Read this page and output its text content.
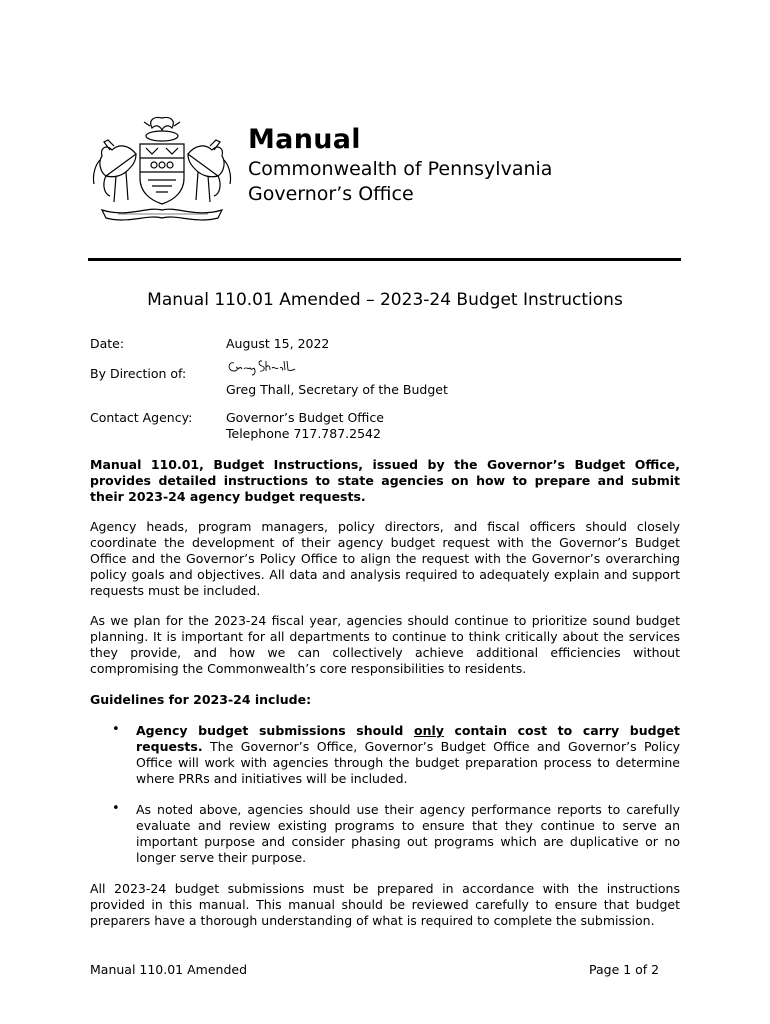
Manual
Commonwealth of Pennsylvania
Governor’s Office
Manual 110.01 Amended – 2023-24 Budget Instructions
Date:	August 15, 2022
By Direction of:
Greg Thall, Secretary of the Budget
Contact Agency:	Governor’s Budget Office
Telephone 717.787.2542

Manual 110.01, Budget Instructions, issued by the Governor’s Budget Office, provides detailed instructions to state agencies on how to prepare and submit their 2023-24 agency budget requests.

Agency heads, program managers, policy directors, and fiscal officers should closely coordinate the development of their agency budget request with the Governor’s Budget Office and the Governor’s Policy Office to align the request with the Governor’s overarching policy goals and objectives. All data and analysis required to adequately explain and support requests must be included.

As we plan for the 2023-24 fiscal year, agencies should continue to prioritize sound budget planning. It is important for all departments to continue to think critically about the services they provide, and how we can collectively achieve additional efficiencies without compromising the Commonwealth’s core responsibilities to residents.

Guidelines for 2023-24 include:

• Agency budget submissions should only contain cost to carry budget requests. The Governor’s Office, Governor’s Budget Office and Governor’s Policy Office will work with agencies through the budget preparation process to determine where PRRs and initiatives will be included.

• As noted above, agencies should use their agency performance reports to carefully evaluate and review existing programs to ensure that they continue to serve an important purpose and consider phasing out programs which are duplicative or no longer serve their purpose.

All 2023-24 budget submissions must be prepared in accordance with the instructions provided in this manual. This manual should be reviewed carefully to ensure that budget preparers have a thorough understanding of what is required to complete the submission.

Manual 110.01 Amended	Page 1 of 2
